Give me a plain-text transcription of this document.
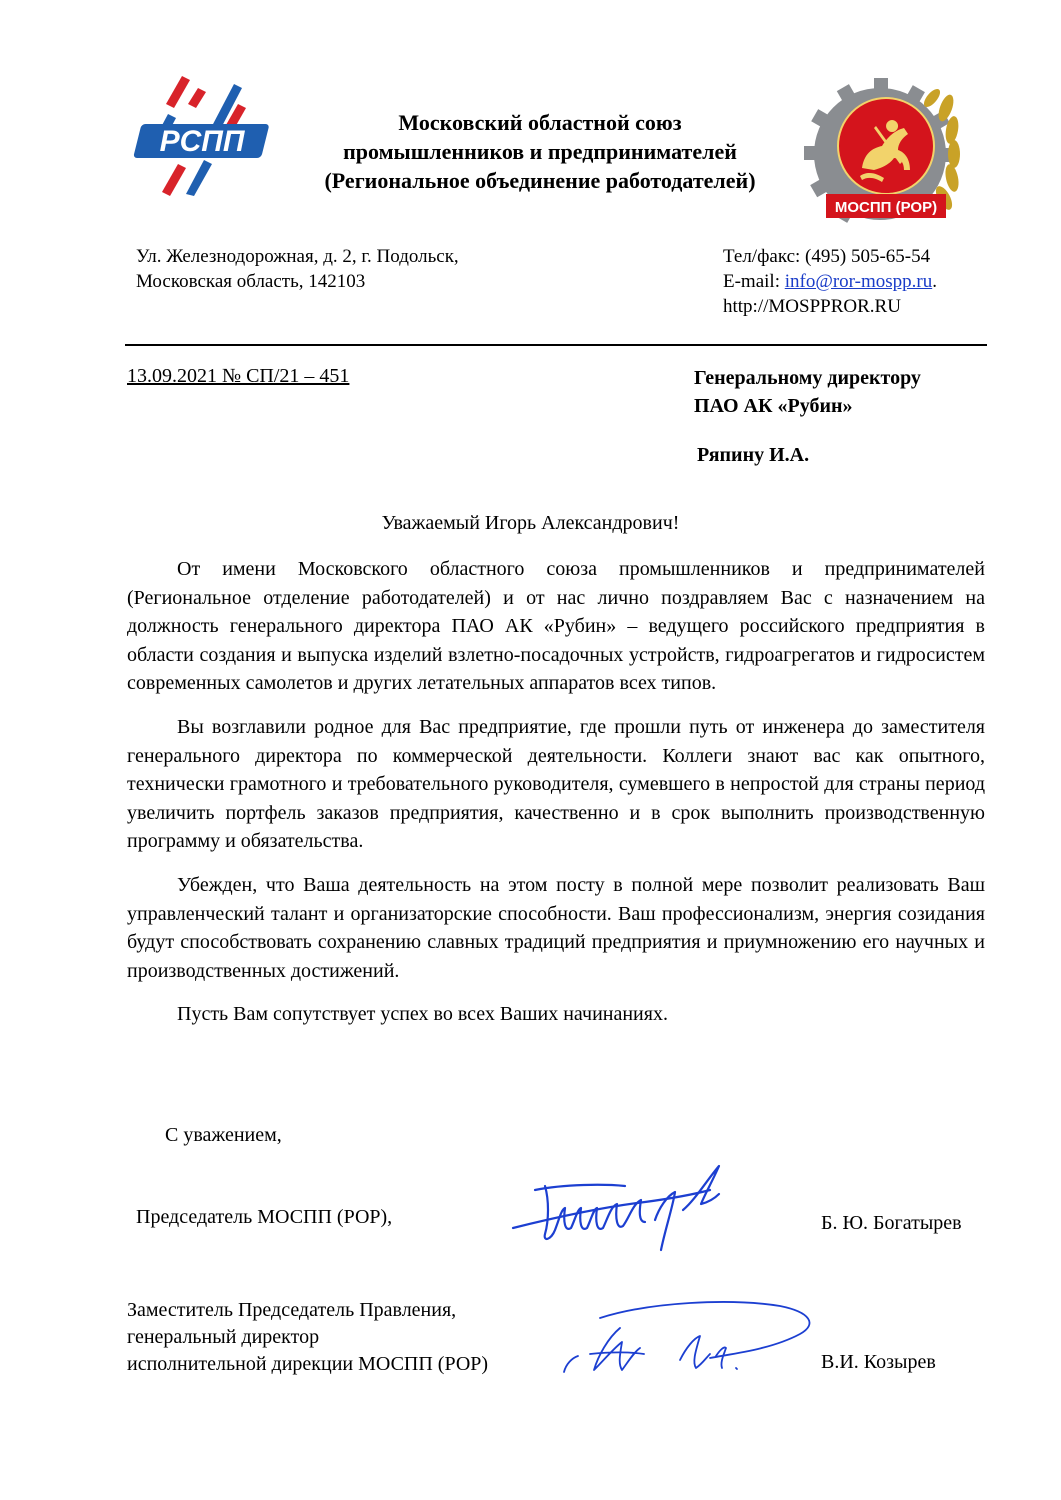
РСПП
Московский областной союз
промышленников и предпринимателей
(Региональное объединение работодателей)
МОСПП (РОР)
Ул. Железнодорожная, д. 2, г. Подольск,
Московская область, 142103
Тел/факс: (495) 505-65-54
E-mail: info@ror-mospp.ru.
http://MOSPPROR.RU
13.09.2021 № СП/21 – 451	Генеральному директору
ПАО АК «Рубин»
Ряпину И.А.
Уважаемый Игорь Александрович!

От имени Московского областного союза промышленников и предпринимателей (Региональное отделение работодателей) и от нас лично поздравляем Вас с назначением на должность генерального директора ПАО АК «Рубин» – ведущего российского предприятия в области создания и выпуска изделий взлетно-посадочных устройств, гидроагрегатов и гидросистем современных самолетов и других летательных аппаратов всех типов.

Вы возглавили родное для Вас предприятие, где прошли путь от инженера до заместителя генерального директора по коммерческой деятельности. Коллеги знают вас как опытного, технически грамотного и требовательного руководителя, сумевшего в непростой для страны период увеличить портфель заказов предприятия, качественно и в срок выполнить производственную программу и обязательства.

Убежден, что Ваша деятельность на этом посту в полной мере позволит реализовать Ваш управленческий талант и организаторские способности. Ваш профессионализм, энергия созидания будут способствовать сохранению славных традиций предприятия и приумножению его научных и производственных достижений.

Пусть Вам сопутствует успех во всех Ваших начинаниях.

С уважением,
Председатель МОСПП (РОР),	Б. Ю. Богатырев
Заместитель Председатель Правления,
генеральный директор
исполнительной дирекции МОСПП (РОР)	В.И. Козырев
